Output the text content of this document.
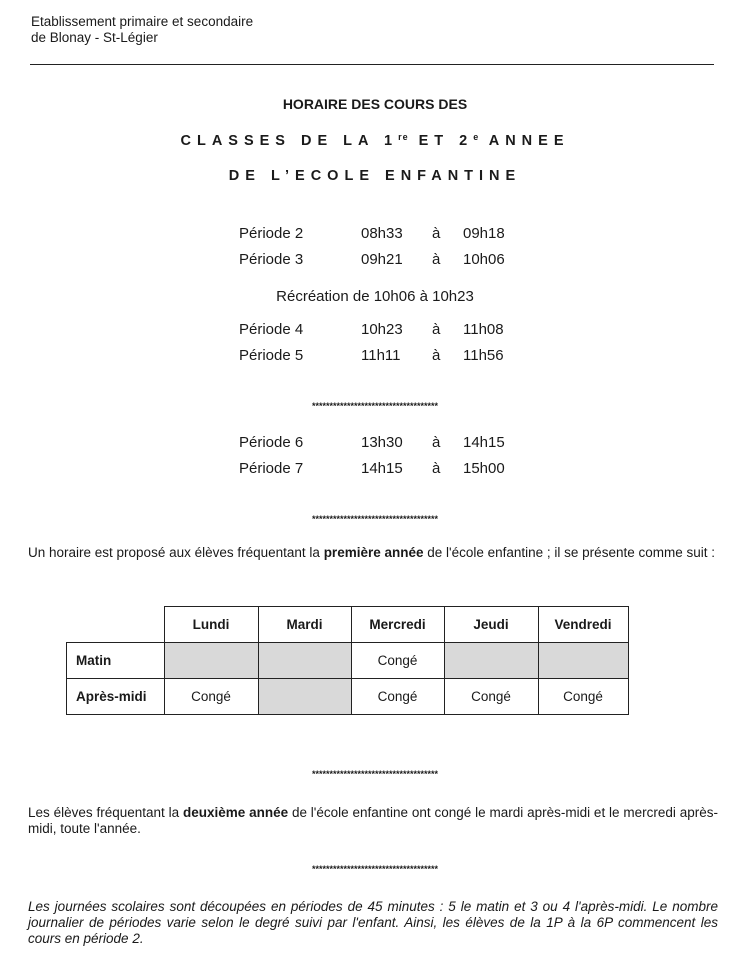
Etablissement primaire et secondaire
de Blonay - St-Légier
HORAIRE DES COURS DES
CLASSES DE LA 1re ET 2e ANNEE
DE L’ECOLE ENFANTINE
Période 2	08h33 à 09h18
Période 3	09h21 à 10h06
Récréation de 10h06 à 10h23
Période 4	10h23 à 11h08
Période 5	11h11 à 11h56
************************************
Période 6	13h30 à 14h15
Période 7	14h15 à 15h00
************************************
Un horaire est proposé aux élèves fréquentant la première année de l'école enfantine ; il se présente comme suit :
	Lundi	Mardi	Mercredi	Jeudi	Vendredi
Matin			Congé		
Après-midi	Congé		Congé	Congé	Congé
************************************
Les élèves fréquentant la deuxième année de l'école enfantine ont congé le mardi après-midi et le mercredi après-midi, toute l'année.
************************************
Les journées scolaires sont découpées en périodes de 45 minutes : 5 le matin et 3 ou 4 l'après-midi. Le nombre journalier de périodes varie selon le degré suivi par l'enfant. Ainsi, les élèves de la 1P à la 6P commencent les cours en période 2.
